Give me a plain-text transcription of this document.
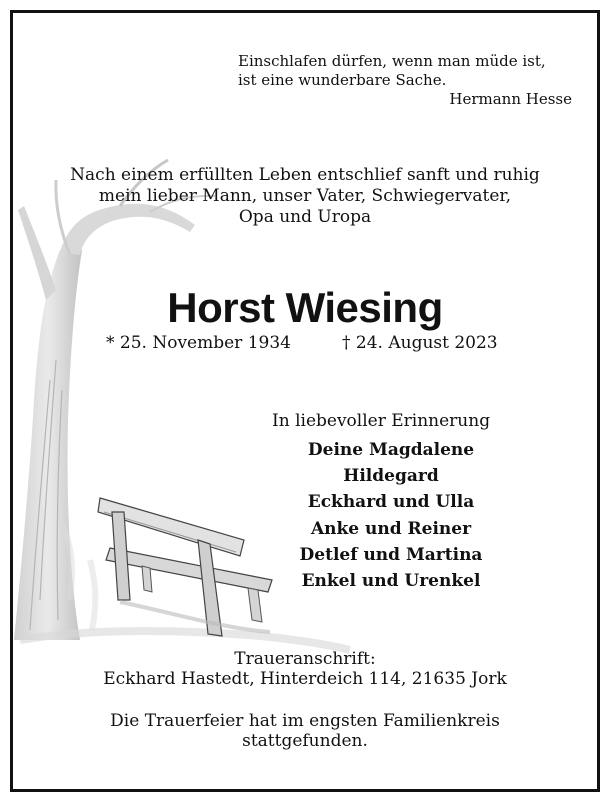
Einschlafen dürfen, wenn man müde ist,
ist eine wunderbare Sache.
Hermann Hesse
Nach einem erfüllten Leben entschlief sanft und ruhig
mein lieber Mann, unser Vater, Schwiegervater,
Opa und Uropa
Horst Wiesing
* 25. November 1934	† 24. August 2023
In liebevoller Erinnerung
Deine Magdalene
Hildegard
Eckhard und Ulla
Anke und Reiner
Detlef und Martina
Enkel und Urenkel
Traueranschrift:
Eckhard Hastedt, Hinterdeich 114, 21635 Jork
Die Trauerfeier hat im engsten Familienkreis
stattgefunden.
